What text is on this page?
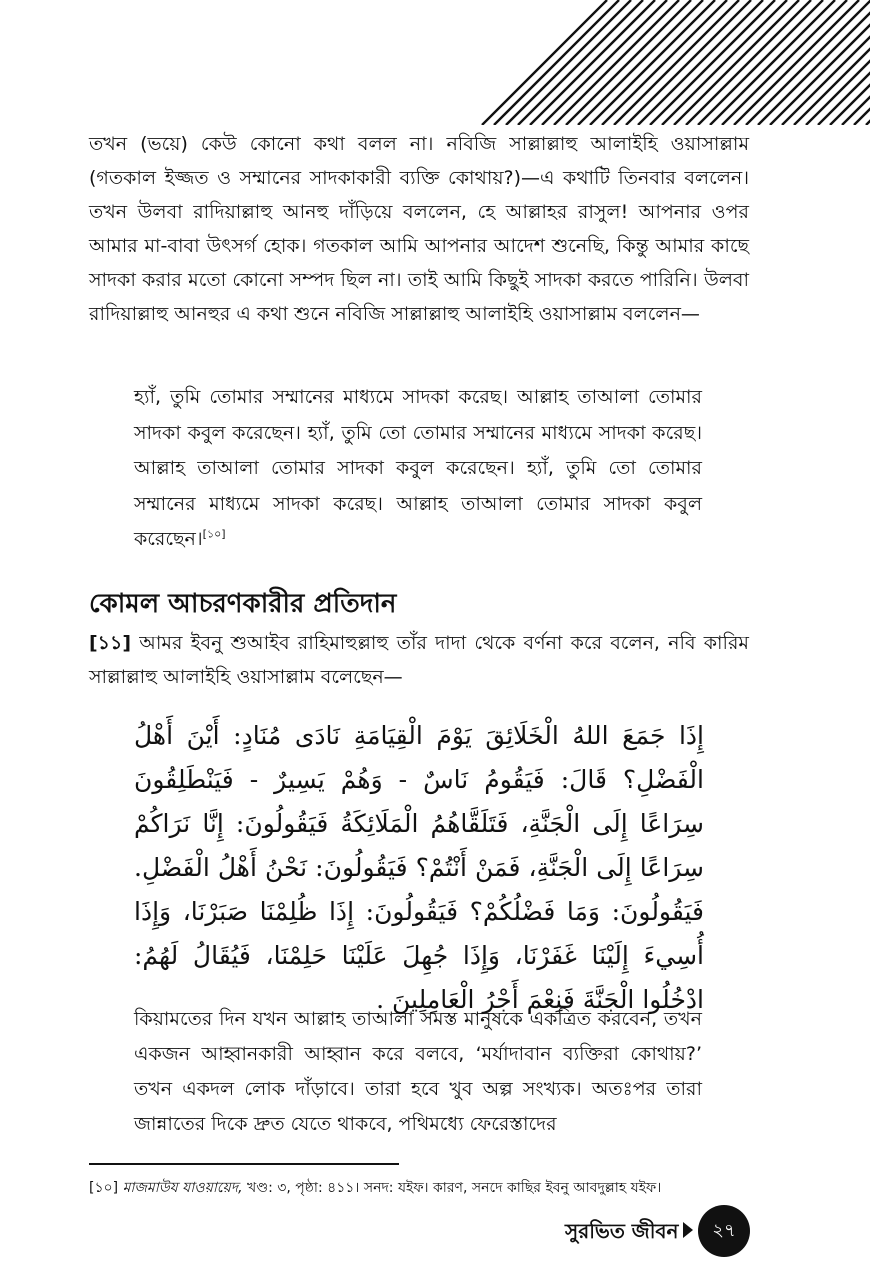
তখন (ভয়ে) কেউ কোনো কথা বলল না। নবিজি সাল্লাল্লাহু আলাইহি ওয়াসাল্লাম (গতকাল ইজ্জত ও সম্মানের সাদকাকারী ব্যক্তি কোথায়?)—এ কথাটি তিনবার বললেন। তখন উলবা রাদিয়াল্লাহু আনহু দাঁড়িয়ে বললেন, হে আল্লাহর রাসুল! আপনার ওপর আমার মা-বাবা উৎসর্গ হোক। গতকাল আমি আপনার আদেশ শুনেছি, কিন্তু আমার কাছে সাদকা করার মতো কোনো সম্পদ ছিল না। তাই আমি কিছুই সাদকা করতে পারিনি। উলবা রাদিয়াল্লাহু আনহুর এ কথা শুনে নবিজি সাল্লাল্লাহু আলাইহি ওয়াসাল্লাম বললেন—

হ্যাঁ, তুমি তোমার সম্মানের মাধ্যমে সাদকা করেছ। আল্লাহ তাআলা তোমার সাদকা কবুল করেছেন। হ্যাঁ, তুমি তো তোমার সম্মানের মাধ্যমে সাদকা করেছ। আল্লাহ তাআলা তোমার সাদকা কবুল করেছেন। হ্যাঁ, তুমি তো তোমার সম্মানের মাধ্যমে সাদকা করেছ। আল্লাহ তাআলা তোমার সাদকা কবুল করেছেন।[১০]

কোমল আচরণকারীর প্রতিদান

[১১] আমর ইবনু শুআইব রাহিমাহুল্লাহু তাঁর দাদা থেকে বর্ণনা করে বলেন, নবি কারিম সাল্লাল্লাহু আলাইহি ওয়াসাল্লাম বলেছেন—

إِذَا جَمَعَ اللهُ الْخَلَائِقَ يَوْمَ الْقِيَامَةِ نَادَى مُنَادٍ: أَيْنَ أَهْلُ الْفَضْلِ؟ قَالَ: فَيَقُومُ نَاسٌ - وَهُمْ يَسِيرٌ - فَيَنْطَلِقُونَ سِرَاعًا إِلَى الْجَنَّةِ، فَتَلَقَّاهُمُ الْمَلَائِكَةُ فَيَقُولُونَ: إِنَّا نَرَاكُمْ سِرَاعًا إِلَى الْجَنَّةِ، فَمَنْ أَنْتُمْ؟ فَيَقُولُونَ: نَحْنُ أَهْلُ الْفَضْلِ. فَيَقُولُونَ: وَمَا فَضْلُكُمْ؟ فَيَقُولُونَ: إِذَا ظُلِمْنَا صَبَرْنَا، وَإِذَا أُسِيءَ إِلَيْنَا غَفَرْنَا، وَإِذَا جُهِلَ عَلَيْنَا حَلِمْنَا، فَيُقَالُ لَهُمُ: ادْخُلُوا الْجَنَّةَ فَنِعْمَ أَجْرُ الْعَامِلِينَ .

কিয়ামতের দিন যখন আল্লাহ তাআলা সমস্ত মানুষকে একত্রিত করবেন, তখন একজন আহ্বানকারী আহ্বান করে বলবে, ‘মর্যাদাবান ব্যক্তিরা কোথায়?’ তখন একদল লোক দাঁড়াবে। তারা হবে খুব অল্প সংখ্যক। অতঃপর তারা জান্নাতের দিকে দ্রুত যেতে থাকবে, পথিমধ্যে ফেরেস্তাদের

[১০] মাজমাউয যাওয়ায়েদ, খণ্ড: ৩, পৃষ্ঠা: ৪১১। সনদ: যইফ। কারণ, সনদে কাছির ইবনু আবদুল্লাহ যইফ।

সুরভিত জীবন	২৭
